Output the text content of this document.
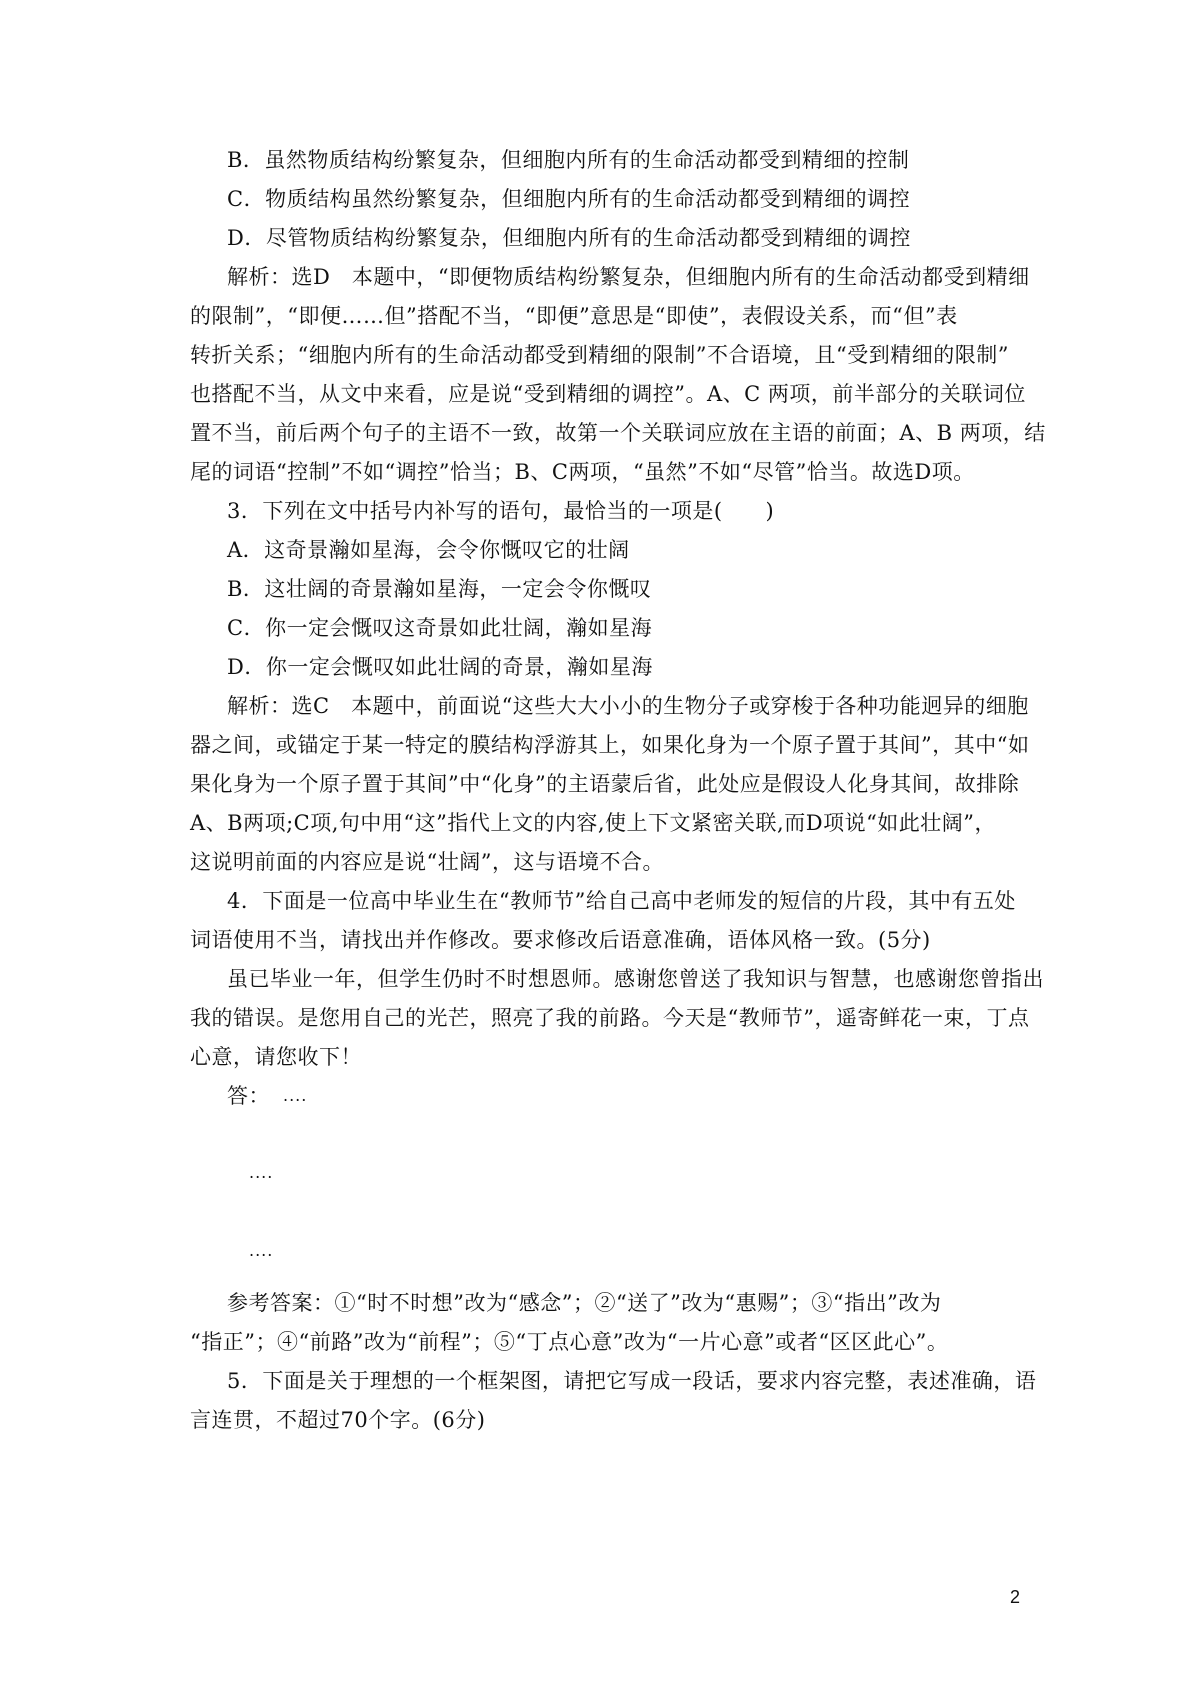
B．虽然物质结构纷繁复杂，但细胞内所有的生命活动都受到精细的控制
C．物质结构虽然纷繁复杂，但细胞内所有的生命活动都受到精细的调控
D．尽管物质结构纷繁复杂，但细胞内所有的生命活动都受到精细的调控
解析：选D　本题中，“即便物质结构纷繁复杂，但细胞内所有的生命活动都受到精细
的限制”，“即便……但”搭配不当，“即便”意思是“即使”，表假设关系，而“但”表
转折关系；“细胞内所有的生命活动都受到精细的限制”不合语境，且“受到精细的限制”
也搭配不当，从文中来看，应是说“受到精细的调控”。A、C 两项，前半部分的关联词位
置不当，前后两个句子的主语不一致，故第一个关联词应放在主语的前面；A、B 两项，结
尾的词语“控制”不如“调控”恰当；B、C两项，“虽然”不如“尽管”恰当。故选D项。
3．下列在文中括号内补写的语句，最恰当的一项是(　　)
A．这奇景瀚如星海，会令你慨叹它的壮阔
B．这壮阔的奇景瀚如星海，一定会令你慨叹
C．你一定会慨叹这奇景如此壮阔，瀚如星海
D．你一定会慨叹如此壮阔的奇景，瀚如星海
解析：选C　本题中，前面说“这些大大小小的生物分子或穿梭于各种功能迥异的细胞
器之间，或锚定于某一特定的膜结构浮游其上，如果化身为一个原子置于其间”，其中“如
果化身为一个原子置于其间”中“化身”的主语蒙后省，此处应是假设人化身其间，故排除
A、B两项;C项,句中用“这”指代上文的内容,使上下文紧密关联,而D项说“如此壮阔”，
这说明前面的内容应是说“壮阔”，这与语境不合。
4．下面是一位高中毕业生在“教师节”给自己高中老师发的短信的片段，其中有五处
词语使用不当，请找出并作修改。要求修改后语意准确，语体风格一致。(5分)
虽已毕业一年，但学生仍时不时想恩师。感谢您曾送了我知识与智慧，也感谢您曾指出
我的错误。是您用自己的光芒，照亮了我的前路。今天是“教师节”，遥寄鲜花一束，丁点
心意，请您收下！
答： ....
....
....
参考答案：①“时不时想”改为“感念”；②“送了”改为“惠赐”；③“指出”改为
“指正”；④“前路”改为“前程”；⑤“丁点心意”改为“一片心意”或者“区区此心”。
5．下面是关于理想的一个框架图，请把它写成一段话，要求内容完整，表述准确，语
言连贯，不超过70个字。(6分)
2
